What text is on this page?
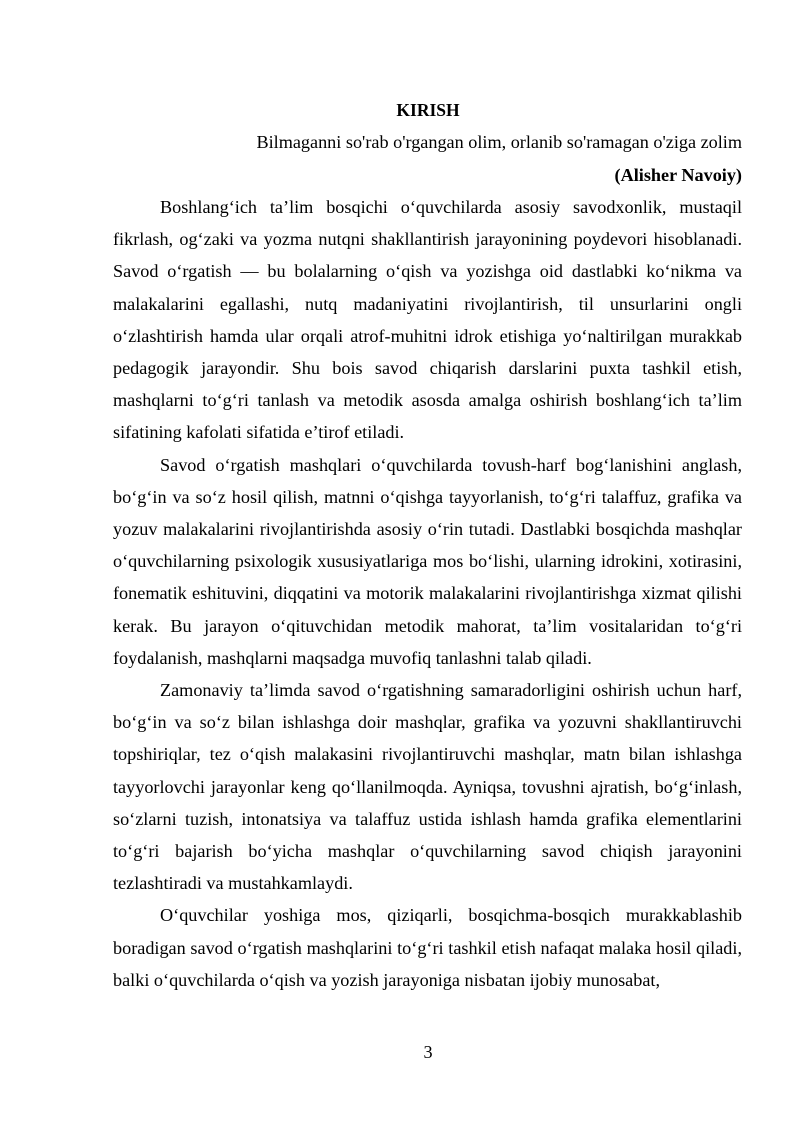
KIRISH

Bilmaganni so'rab o'rgangan olim, orlanib so'ramagan o'ziga zolim

(Alisher Navoiy)

Boshlang‘ich ta’lim bosqichi o‘quvchilarda asosiy savodxonlik, mustaqil fikrlash, og‘zaki va yozma nutqni shakllantirish jarayonining poydevori hisoblanadi. Savod o‘rgatish — bu bolalarning o‘qish va yozishga oid dastlabki ko‘nikma va malakalarini egallashi, nutq madaniyatini rivojlantirish, til unsurlarini ongli o‘zlashtirish hamda ular orqali atrof-muhitni idrok etishiga yo‘naltirilgan murakkab pedagogik jarayondir. Shu bois savod chiqarish darslarini puxta tashkil etish, mashqlarni to‘g‘ri tanlash va metodik asosda amalga oshirish boshlang‘ich ta’lim sifatining kafolati sifatida e’tirof etiladi.

Savod o‘rgatish mashqlari o‘quvchilarda tovush-harf bog‘lanishini anglash, bo‘g‘in va so‘z hosil qilish, matnni o‘qishga tayyorlanish, to‘g‘ri talaffuz, grafika va yozuv malakalarini rivojlantirishda asosiy o‘rin tutadi. Dastlabki bosqichda mashqlar o‘quvchilarning psixologik xususiyatlariga mos bo‘lishi, ularning idrokini, xotirasini, fonematik eshituvini, diqqatini va motorik malakalarini rivojlantirishga xizmat qilishi kerak. Bu jarayon o‘qituvchidan metodik mahorat, ta’lim vositalaridan to‘g‘ri foydalanish, mashqlarni maqsadga muvofiq tanlashni talab qiladi.

Zamonaviy ta’limda savod o‘rgatishning samaradorligini oshirish uchun harf, bo‘g‘in va so‘z bilan ishlashga doir mashqlar, grafika va yozuvni shakllantiruvchi topshiriqlar, tez o‘qish malakasini rivojlantiruvchi mashqlar, matn bilan ishlashga tayyorlovchi jarayonlar keng qo‘llanilmoqda. Ayniqsa, tovushni ajratish, bo‘g‘inlash, so‘zlarni tuzish, intonatsiya va talaffuz ustida ishlash hamda grafika elementlarini to‘g‘ri bajarish bo‘yicha mashqlar o‘quvchilarning savod chiqish jarayonini tezlashtiradi va mustahkamlaydi.

O‘quvchilar yoshiga mos, qiziqarli, bosqichma-bosqich murakkablashib boradigan savod o‘rgatish mashqlarini to‘g‘ri tashkil etish nafaqat malaka hosil qiladi, balki o‘quvchilarda o‘qish va yozish jarayoniga nisbatan ijobiy munosabat,

3
